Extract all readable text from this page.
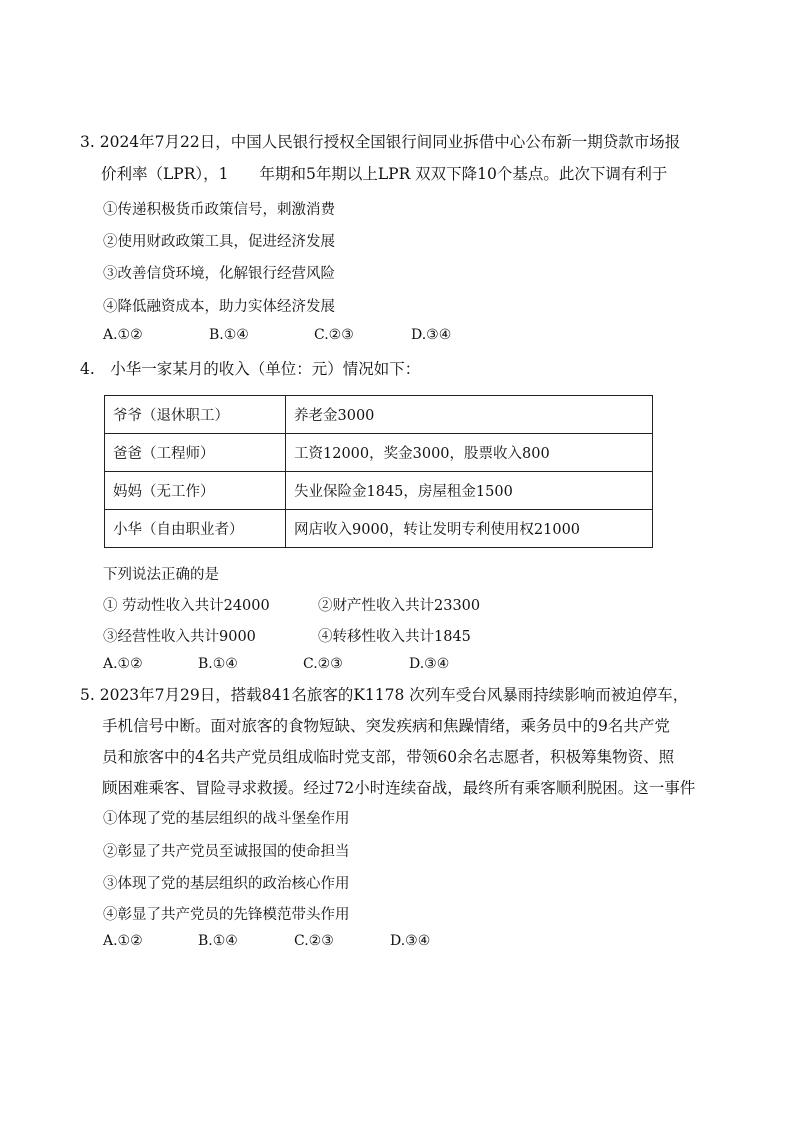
3. 2024年7月22日，中国人民银行授权全国银行间同业拆借中心公布新一期贷款市场报
价利率（LPR），1　　年期和5年期以上LPR 双双下降10个基点。此次下调有利于
①传递积极货币政策信号，刺激消费
②使用财政政策工具，促进经济发展
③改善信贷环境，化解银行经营风险
④降低融资成本，助力实体经济发展
A.①②	B.①④	C.②③	D.③④
4.　小华一家某月的收入（单位：元）情况如下：
爷爷（退休职工）	养老金3000
爸爸（工程师）	工资12000，奖金3000，股票收入800
妈妈（无工作）	失业保险金1845，房屋租金1500
小华（自由职业者）	网店收入9000，转让发明专利使用权21000
下列说法正确的是
① 劳动性收入共计24000	②财产性收入共计23300
③经营性收入共计9000	④转移性收入共计1845
A.①②	B.①④	C.②③	D.③④
5. 2023年7月29日，搭载841名旅客的K1178 次列车受台风暴雨持续影响而被迫停车，
手机信号中断。面对旅客的食物短缺、突发疾病和焦躁情绪，乘务员中的9名共产党
员和旅客中的4名共产党员组成临时党支部，带领60余名志愿者，积极筹集物资、照
顾困难乘客、冒险寻求救援。经过72小时连续奋战，最终所有乘客顺利脱困。这一事件
①体现了党的基层组织的战斗堡垒作用
②彰显了共产党员至诚报国的使命担当
③体现了党的基层组织的政治核心作用
④彰显了共产党员的先锋模范带头作用
A.①②	B.①④	C.②③	D.③④
